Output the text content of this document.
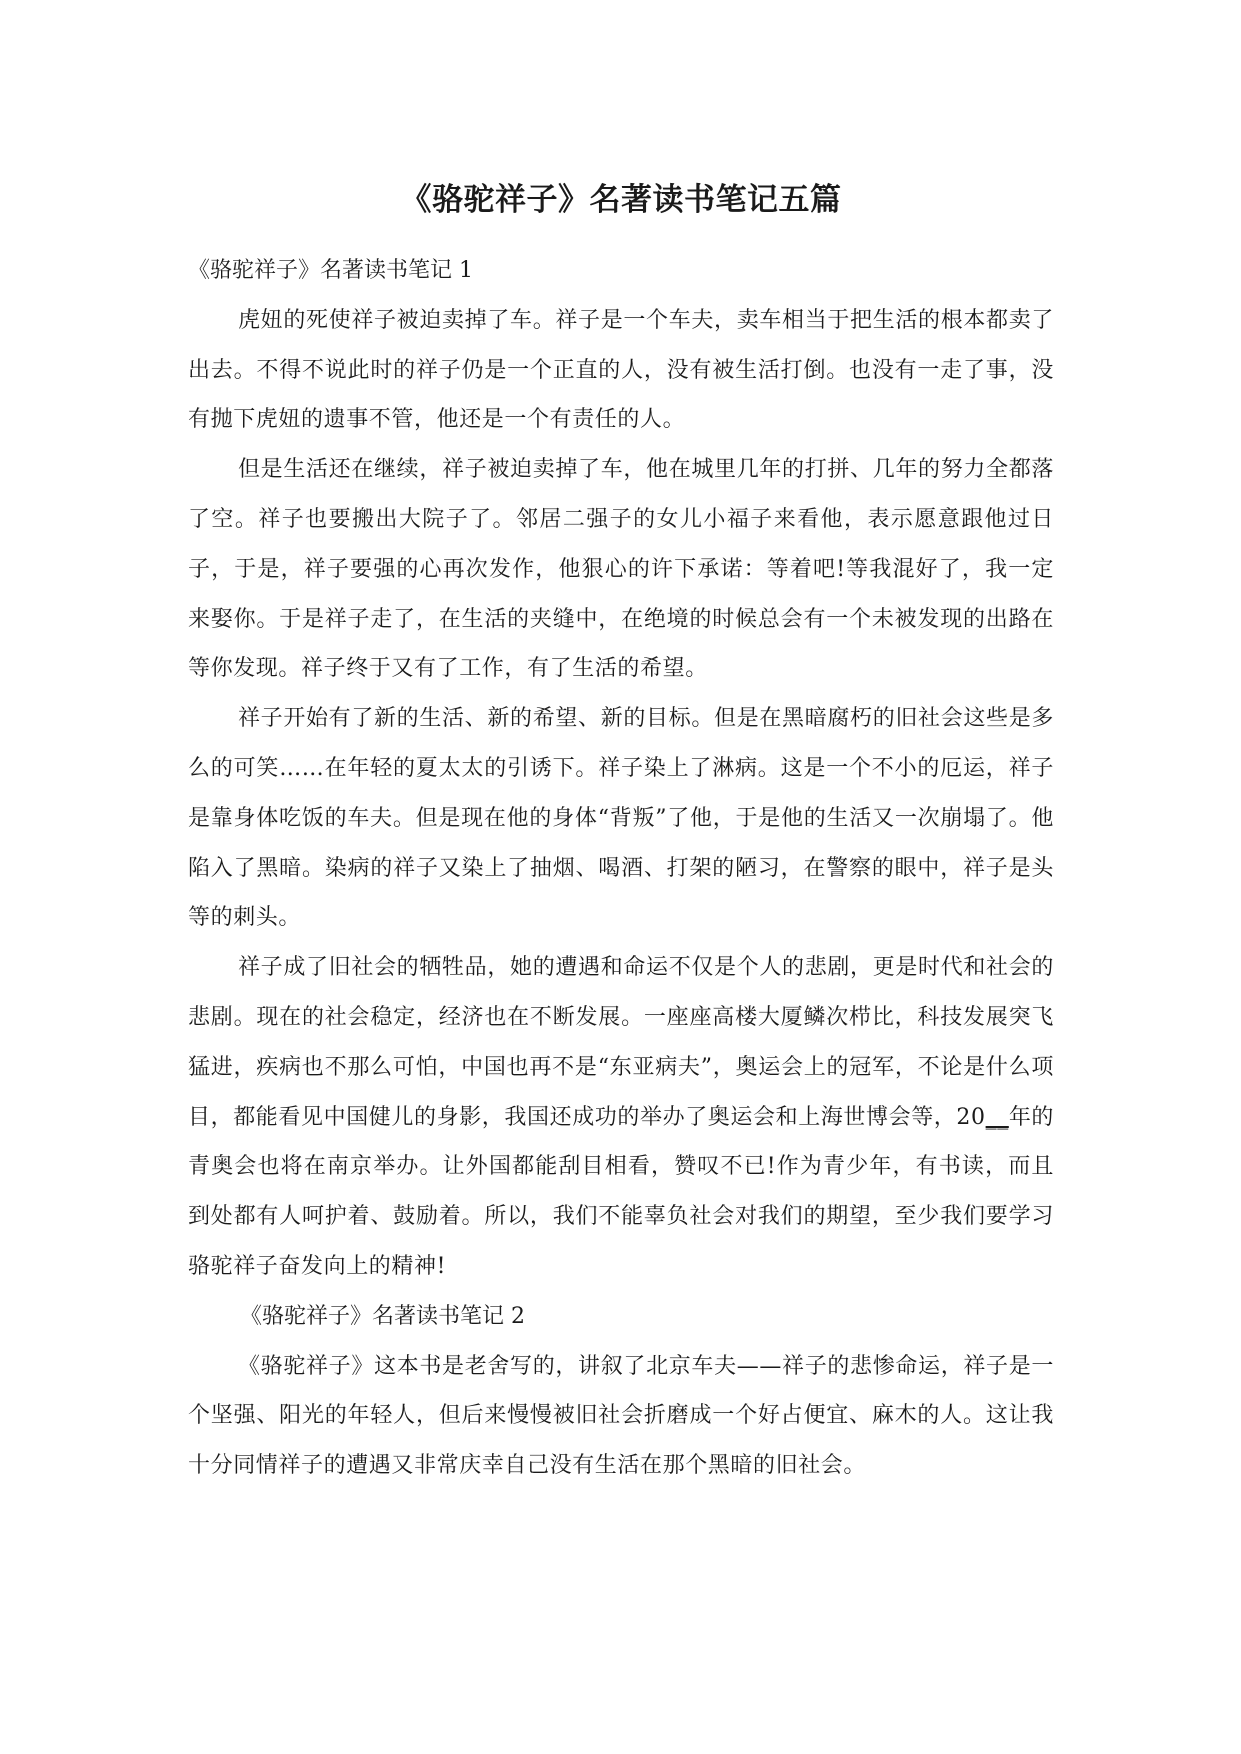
《骆驼祥子》名著读书笔记五篇

《骆驼祥子》名著读书笔记 1

虎妞的死使祥子被迫卖掉了车。祥子是一个车夫，卖车相当于把生活的根本都卖了出去。不得不说此时的祥子仍是一个正直的人，没有被生活打倒。也没有一走了事，没有抛下虎妞的遗事不管，他还是一个有责任的人。

但是生活还在继续，祥子被迫卖掉了车，他在城里几年的打拼、几年的努力全都落了空。祥子也要搬出大院子了。邻居二强子的女儿小福子来看他，表示愿意跟他过日子，于是，祥子要强的心再次发作，他狠心的许下承诺：等着吧!等我混好了，我一定来娶你。于是祥子走了，在生活的夹缝中，在绝境的时候总会有一个未被发现的出路在等你发现。祥子终于又有了工作，有了生活的希望。

祥子开始有了新的生活、新的希望、新的目标。但是在黑暗腐朽的旧社会这些是多么的可笑……在年轻的夏太太的引诱下。祥子染上了淋病。这是一个不小的厄运，祥子是靠身体吃饭的车夫。但是现在他的身体“背叛”了他，于是他的生活又一次崩塌了。他陷入了黑暗。染病的祥子又染上了抽烟、喝酒、打架的陋习，在警察的眼中，祥子是头等的刺头。

祥子成了旧社会的牺牲品，她的遭遇和命运不仅是个人的悲剧，更是时代和社会的悲剧。现在的社会稳定，经济也在不断发展。一座座高楼大厦鳞次栉比，科技发展突飞猛进，疾病也不那么可怕，中国也再不是“东亚病夫”，奥运会上的冠军，不论是什么项目，都能看见中国健儿的身影，我国还成功的举办了奥运会和上海世博会等，20__年的青奥会也将在南京举办。让外国都能刮目相看，赞叹不已!作为青少年，有书读，而且到处都有人呵护着、鼓励着。所以，我们不能辜负社会对我们的期望，至少我们要学习骆驼祥子奋发向上的精神!

《骆驼祥子》名著读书笔记 2

《骆驼祥子》这本书是老舍写的，讲叙了北京车夫——祥子的悲惨命运，祥子是一个坚强、阳光的年轻人，但后来慢慢被旧社会折磨成一个好占便宜、麻木的人。这让我十分同情祥子的遭遇又非常庆幸自己没有生活在那个黑暗的旧社会。
